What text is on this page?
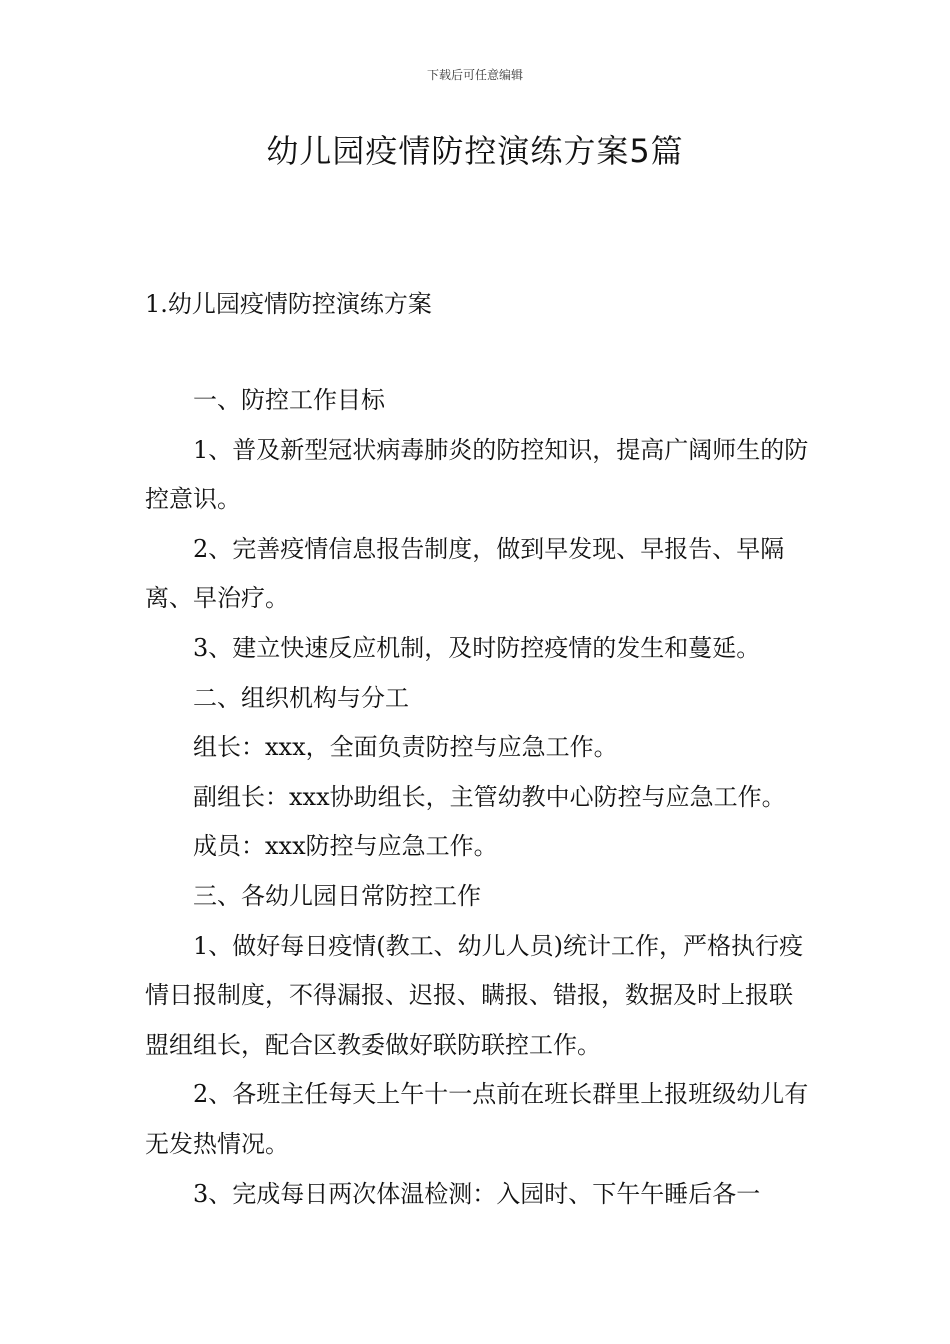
下载后可任意编辑
幼儿园疫情防控演练方案5篇
1.幼儿园疫情防控演练方案

一、防控工作目标

1、普及新型冠状病毒肺炎的防控知识，提高广阔师生的防控意识。

2、完善疫情信息报告制度，做到早发现、早报告、早隔离、早治疗。

3、建立快速反应机制，及时防控疫情的发生和蔓延。

二、组织机构与分工

组长：xxx，全面负责防控与应急工作。

副组长：xxx协助组长，主管幼教中心防控与应急工作。

成员：xxx防控与应急工作。

三、各幼儿园日常防控工作

1、做好每日疫情(教工、幼儿人员)统计工作，严格执行疫情日报制度，不得漏报、迟报、瞒报、错报，数据及时上报联盟组组长，配合区教委做好联防联控工作。

2、各班主任每天上午十一点前在班长群里上报班级幼儿有无发热情况。

3、完成每日两次体温检测：入园时、下午午睡后各一
